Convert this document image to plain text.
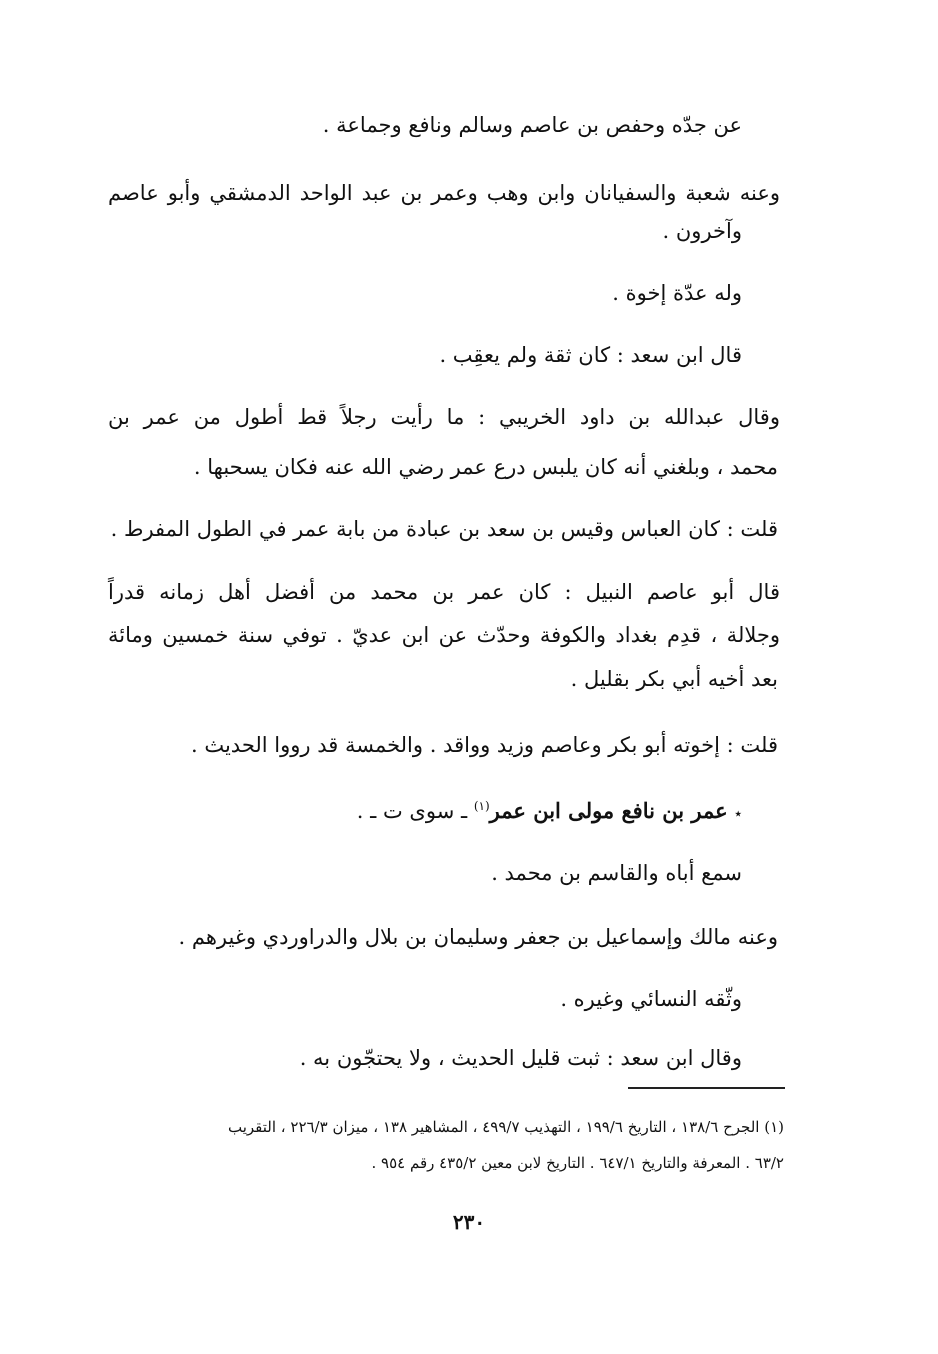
عن جدّه وحفص بن عاصم وسالم ونافع وجماعة .
وعنه شعبة والسفيانان وابن وهب وعمر بن عبد الواحد الدمشقي وأبو عاصم
وآخرون .
وله عدّة إخوة .
قال ابن سعد : كان ثقة ولم يعقِب .
وقال عبدالله بن داود الخريبي : ما رأيت رجلاً قط أطول من عمر بن
محمد ، وبلغني أنه كان يلبس درع عمر رضي الله عنه فكان يسحبها .
قلت : كان العباس وقيس بن سعد بن عبادة من بابة عمر في الطول المفرط .
قال أبو عاصم النبيل : كان عمر بن محمد من أفضل أهل زمانه قدراً
وجلالة ، قدِم بغداد والكوفة وحدّث عن ابن عديّ . توفي سنة خمسين ومائة
بعد أخيه أبي بكر بقليل .
قلت : إخوته أبو بكر وعاصم وزيد وواقد . والخمسة قد رووا الحديث .
٭ عمر بن نافع مولى ابن عمر$^{(١)}$ ـ سوى ت ـ .
سمع أباه والقاسم بن محمد .
وعنه مالك وإسماعيل بن جعفر وسليمان بن بلال والدراوردي وغيرهم .
وثّقه النسائي وغيره .
وقال ابن سعد : ثبت قليل الحديث ، ولا يحتجّون به .
(١) الجرح ١٣٨/٦ ، التاريخ ١٩٩/٦ ، التهذيب ٤٩٩/٧ ، المشاهير ١٣٨ ، ميزان ٢٢٦/٣ ، التقريب
٦٣/٢ . المعرفة والتاريخ ٦٤٧/١ . التاريخ لابن معين ٤٣٥/٢ رقم ٩٥٤ .
٢٣٠
